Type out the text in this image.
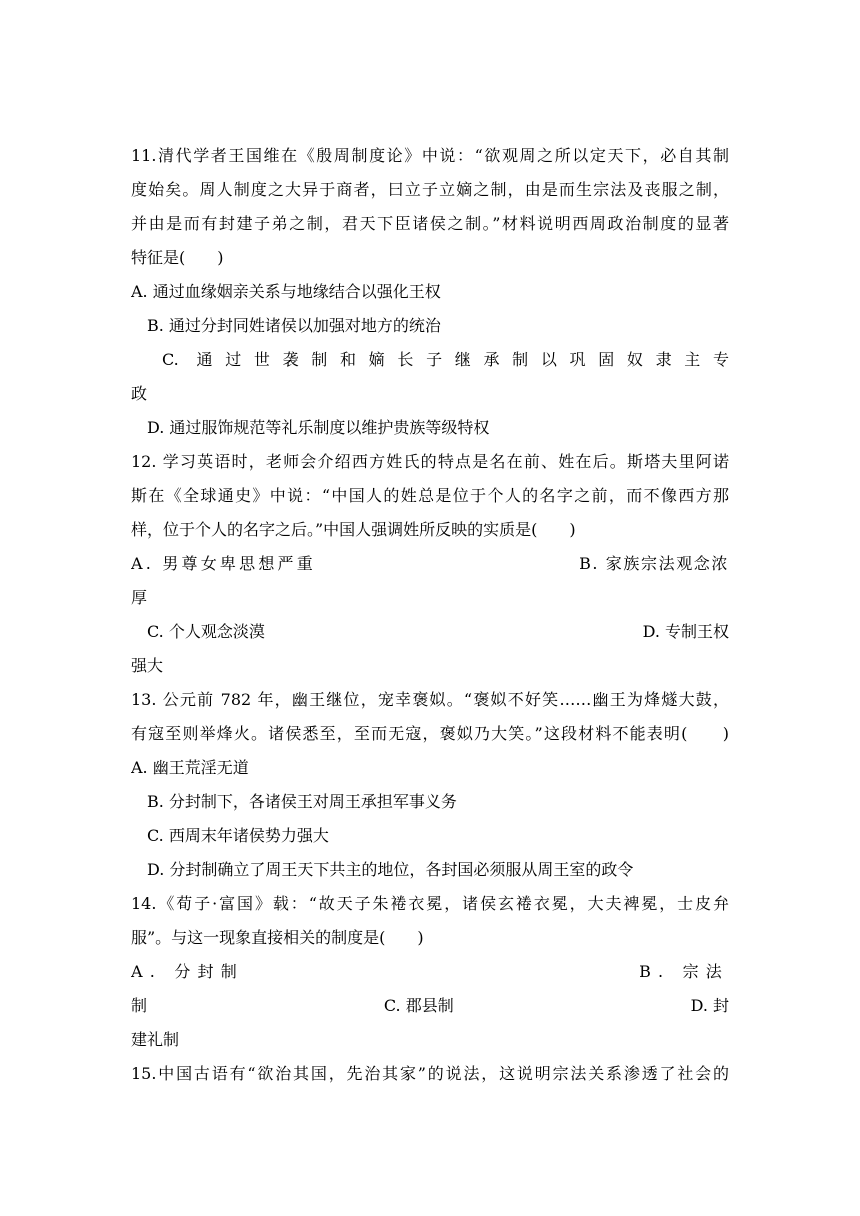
11.清代学者王国维在《殷周制度论》中说：“欲观周之所以定天下，必自其制
度始矣。周人制度之大异于商者，曰立子立嫡之制，由是而生宗法及丧服之制，
并由是而有封建子弟之制，君天下臣诸侯之制。”材料说明西周政治制度的显著
特征是(　　)
A. 通过血缘姻亲关系与地缘结合以强化王权
B. 通过分封同姓诸侯以加强对地方的统治
C. 通过世袭制和嫡长子继承制以巩固奴隶主专
政
D. 通过服饰规范等礼乐制度以维护贵族等级特权
12. 学习英语时，老师会介绍西方姓氏的特点是名在前、姓在后。斯塔夫里阿诺
斯在《全球通史》中说：“中国人的姓总是位于个人的名字之前，而不像西方那
样，位于个人的名字之后。”中国人强调姓所反映的实质是(　　)
A. 男尊女卑思想严重	B. 家族宗法观念浓
厚
C. 个人观念淡漠	D. 专制王权
强大
13. 公元前 782 年，幽王继位，宠幸褒姒。“褒姒不好笑……幽王为烽燧大鼓，
有寇至则举烽火。诸侯悉至，至而无寇，褒姒乃大笑。”这段材料不能表明(　　)
A. 幽王荒淫无道
B. 分封制下，各诸侯王对周王承担军事义务
C. 西周末年诸侯势力强大
D. 分封制确立了周王天下共主的地位，各封国必须服从周王室的政令
14.《荀子·富国》载：“故天子朱裷衣冕，诸侯玄裷衣冕，大夫裨冕，士皮弁
服”。与这一现象直接相关的制度是(　　)
A. 分封制	B. 宗法
制	C. 郡县制	D. 封
建礼制
15.中国古语有“欲治其国，先治其家”的说法，这说明宗法关系渗透了社会的
